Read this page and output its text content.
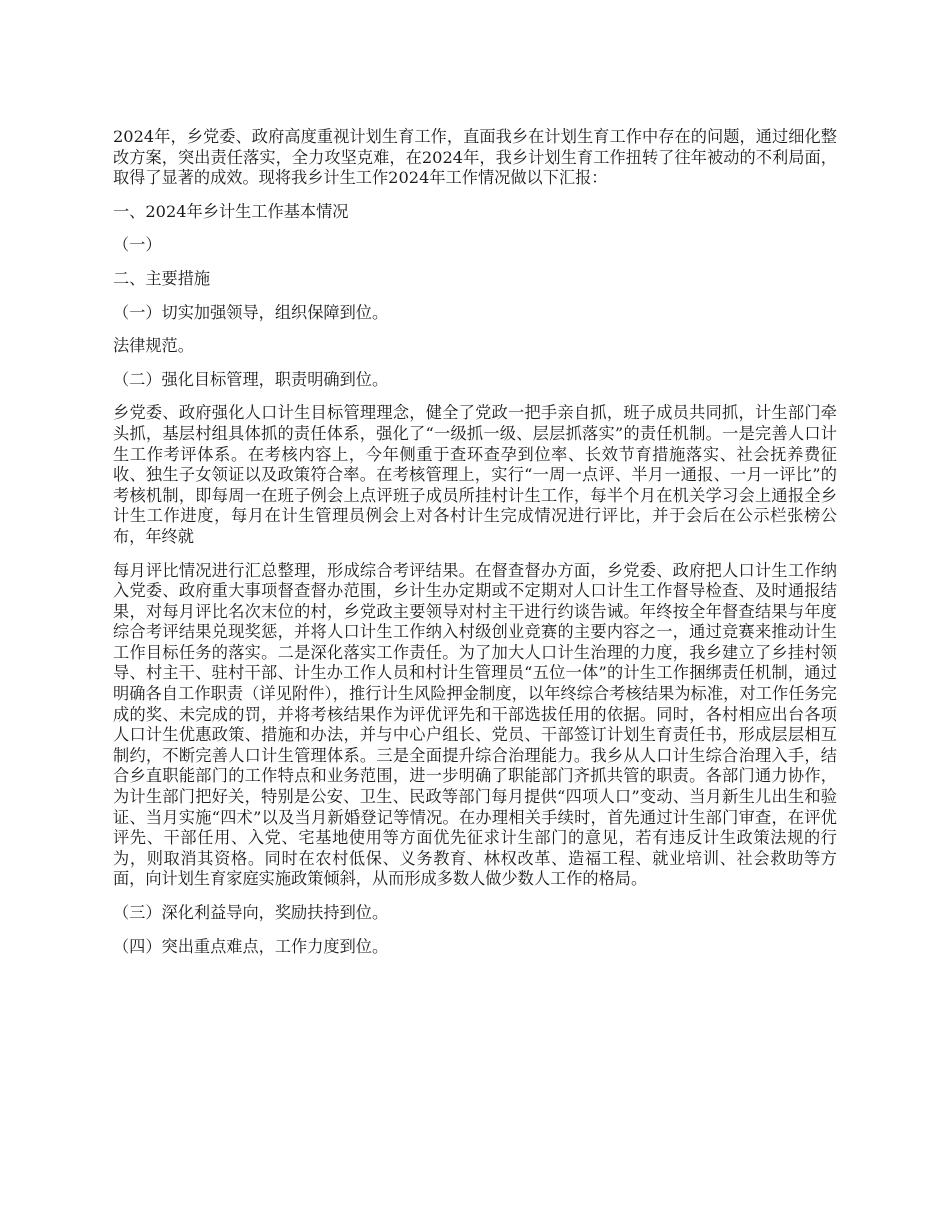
2024年，乡党委、政府高度重视计划生育工作，直面我乡在计划生育工作中存在的问题，通过细化整改方案，突出责任落实，全力攻坚克难，在2024年，我乡计划生育工作扭转了往年被动的不利局面，取得了显著的成效。现将我乡计生工作2024年工作情况做以下汇报：

一、2024年乡计生工作基本情况

（一）

二、主要措施

（一）切实加强领导，组织保障到位。

法律规范。

（二）强化目标管理，职责明确到位。

乡党委、政府强化人口计生目标管理理念，健全了党政一把手亲自抓，班子成员共同抓，计生部门牵头抓，基层村组具体抓的责任体系，强化了“一级抓一级、层层抓落实”的责任机制。一是完善人口计生工作考评体系。在考核内容上，今年侧重于查环查孕到位率、长效节育措施落实、社会抚养费征收、独生子女领证以及政策符合率。在考核管理上，实行“一周一点评、半月一通报、一月一评比”的考核机制，即每周一在班子例会上点评班子成员所挂村计生工作，每半个月在机关学习会上通报全乡计生工作进度，每月在计生管理员例会上对各村计生完成情况进行评比，并于会后在公示栏张榜公布，年终就

每月评比情况进行汇总整理，形成综合考评结果。在督查督办方面，乡党委、政府把人口计生工作纳入党委、政府重大事项督查督办范围，乡计生办定期或不定期对人口计生工作督导检查、及时通报结果，对每月评比名次末位的村，乡党政主要领导对村主干进行约谈告诫。年终按全年督查结果与年度综合考评结果兑现奖惩，并将人口计生工作纳入村级创业竞赛的主要内容之一，通过竞赛来推动计生工作目标任务的落实。二是深化落实工作责任。为了加大人口计生治理的力度，我乡建立了乡挂村领导、村主干、驻村干部、计生办工作人员和村计生管理员“五位一体”的计生工作捆绑责任机制，通过明确各自工作职责（详见附件），推行计生风险押金制度，以年终综合考核结果为标准，对工作任务完成的奖、未完成的罚，并将考核结果作为评优评先和干部选拔任用的依据。同时，各村相应出台各项人口计生优惠政策、措施和办法，并与中心户组长、党员、干部签订计划生育责任书，形成层层相互制约，不断完善人口计生管理体系。三是全面提升综合治理能力。我乡从人口计生综合治理入手，结合乡直职能部门的工作特点和业务范围，进一步明确了职能部门齐抓共管的职责。各部门通力协作，为计生部门把好关，特别是公安、卫生、民政等部门每月提供“四项人口”变动、当月新生儿出生和验证、当月实施“四术”以及当月新婚登记等情况。在办理相关手续时，首先通过计生部门审查，在评优评先、干部任用、入党、宅基地使用等方面优先征求计生部门的意见，若有违反计生政策法规的行为，则取消其资格。同时在农村低保、义务教育、林权改革、造福工程、就业培训、社会救助等方面，向计划生育家庭实施政策倾斜，从而形成多数人做少数人工作的格局。

（三）深化利益导向，奖励扶持到位。

（四）突出重点难点，工作力度到位。
